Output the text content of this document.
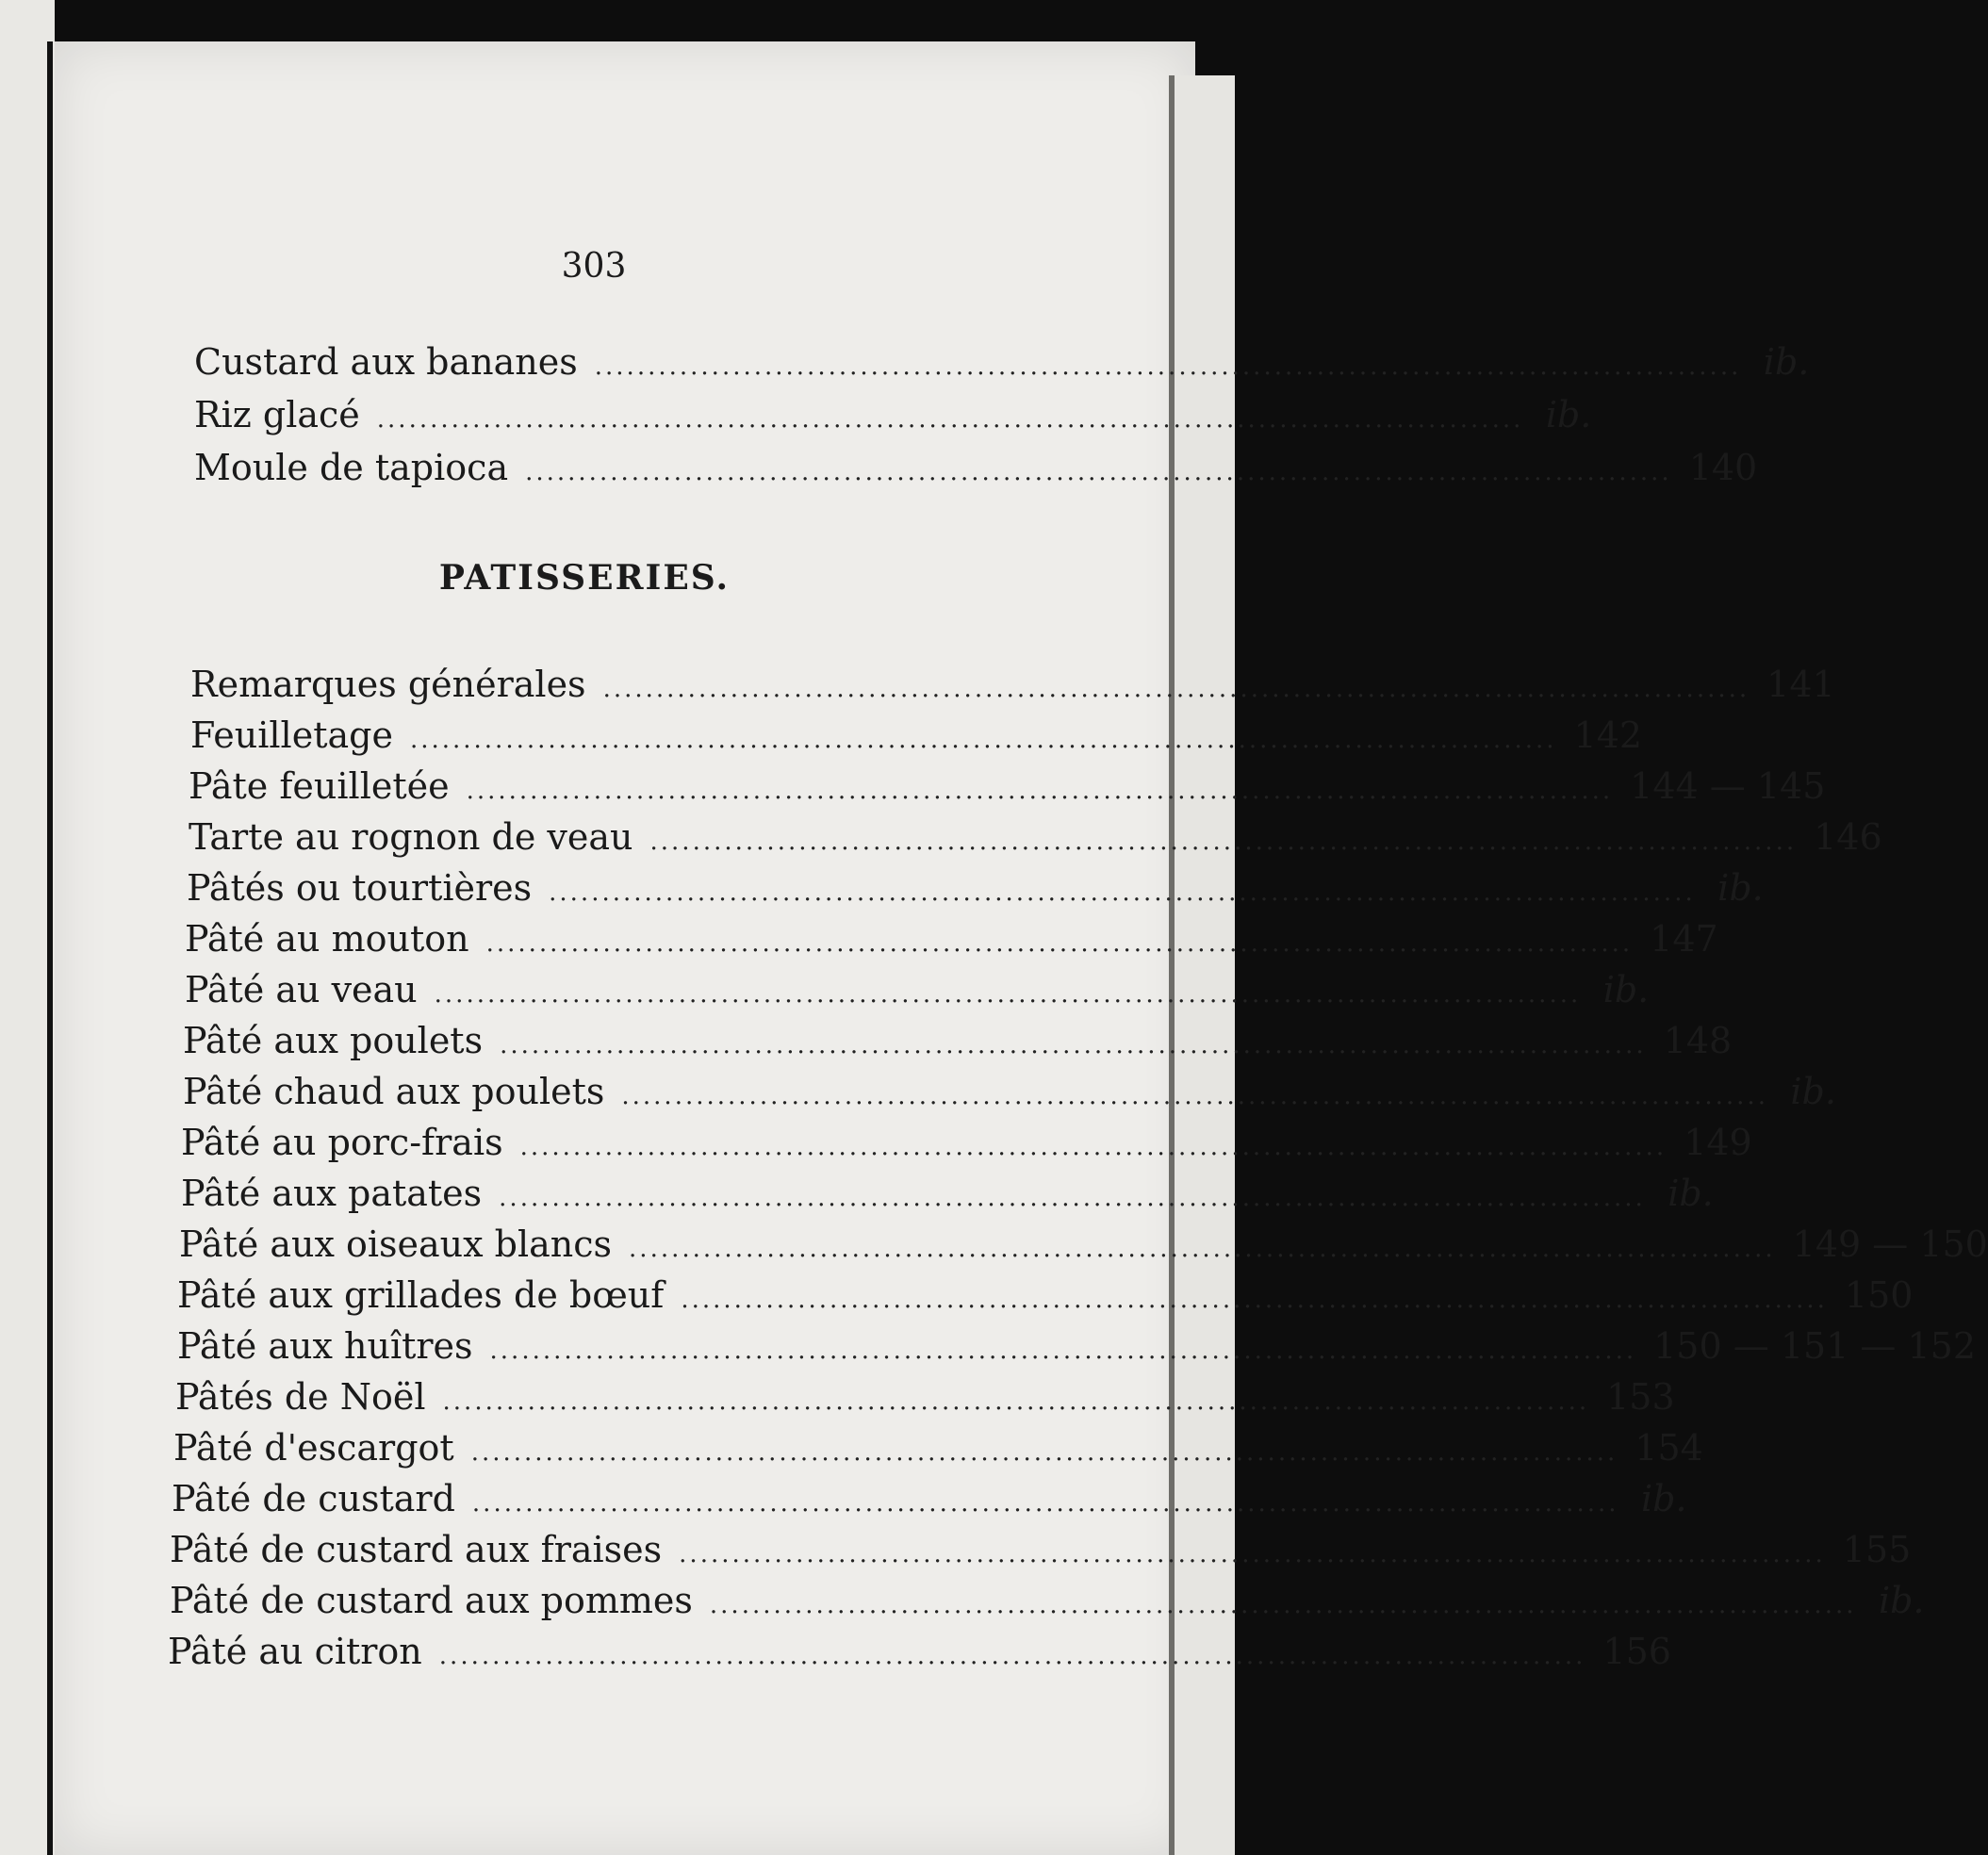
303
Custard aux bananes ............................................................................................................ ib.
Riz glacé ............................................................................................................ ib.
Moule de tapioca ............................................................................................................ 140
PATISSERIES.
Remarques générales ............................................................................................................ 141
Feuilletage ............................................................................................................ 142
Pâte feuilletée ............................................................................................................ 144 — 145
Tarte au rognon de veau ............................................................................................................ 146
Pâtés ou tourtières ............................................................................................................ ib.
Pâté au mouton ............................................................................................................ 147
Pâté au veau ............................................................................................................ ib.
Pâté aux poulets ............................................................................................................ 148
Pâté chaud aux poulets ............................................................................................................ ib.
Pâté au porc-frais ............................................................................................................ 149
Pâté aux patates ............................................................................................................ ib.
Pâté aux oiseaux blancs ............................................................................................................ 149 — 150
Pâté aux grillades de bœuf ............................................................................................................ 150
Pâté aux huîtres ............................................................................................................ 150 — 151 — 152
Pâtés de Noël ............................................................................................................ 153
Pâté d'escargot ............................................................................................................ 154
Pâté de custard ............................................................................................................ ib.
Pâté de custard aux fraises ............................................................................................................ 155
Pâté de custard aux pommes ............................................................................................................ ib.
Pâté au citron ............................................................................................................ 156
